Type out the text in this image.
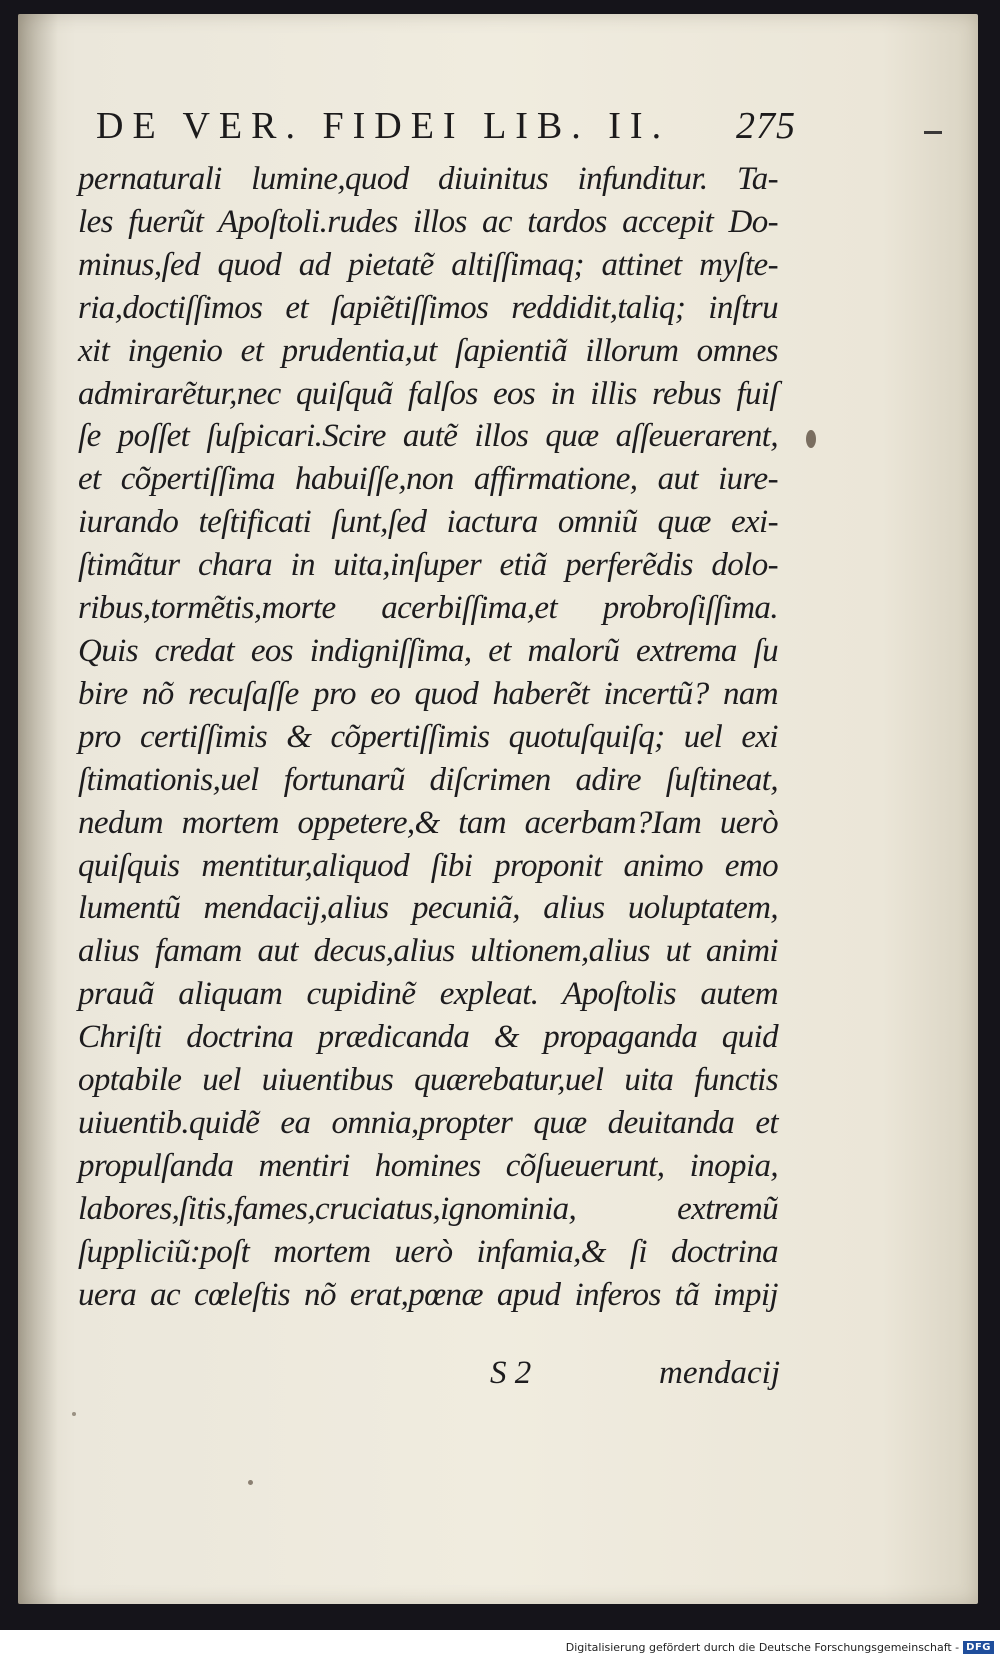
DE VER. FIDEI LIB. II. 275
pernaturali lumine,quod diuinitus infunditur. Ta-
les fuerũt Apoſtoli.rudes illos ac tardos accepit Do-
minus,ſed quod ad pietatẽ altiſſimaq; attinet myſte-
ria,doctiſſimos et ſapiẽtiſſimos reddidit,taliq; inſtru
xit ingenio et prudentia,ut ſapientiã illorum omnes
admirarẽtur,nec quiſquã falſos eos in illis rebus fuiſ
ſe poſſet ſuſpicari.Scire autẽ illos quæ aſſeuerarent,
et cõpertiſſima habuiſſe,non affirmatione, aut iure-
iurando teſtificati ſunt,ſed iactura omniũ quæ exi-
ſtimãtur chara in uita,inſuper etiã perferẽdis dolo-
ribus,tormẽtis,morte acerbiſſima,et probroſiſſima.
Quis credat eos indigniſſima, et malorũ extrema ſu
bire nõ recuſaſſe pro eo quod haberẽt incertũ? nam
pro certiſſimis & cõpertiſſimis quotuſquiſq; uel exi
ſtimationis,uel fortunarũ diſcrimen adire ſuſtineat,
nedum mortem oppetere,& tam acerbam?Iam uerò
quiſquis mentitur,aliquod ſibi proponit animo emo
lumentũ mendacij,alius pecuniã, alius uoluptatem,
alius famam aut decus,alius ultionem,alius ut animi
prauã aliquam cupidinẽ expleat. Apoſtolis autem
Chriſti doctrina prædicanda & propaganda quid
optabile uel uiuentibus quærebatur,uel uita functis
uiuentib.quidẽ ea omnia,propter quæ deuitanda et
propulſanda mentiri homines cõſueuerunt, inopia,
labores,ſitis,fames,cruciatus,ignominia, extremũ
ſuppliciũ:poſt mortem uerò infamia,& ſi doctrina
uera ac cœleſtis nõ erat,pœnæ apud inferos tã impij
S 2	mendacij
Digitalisierung gefördert durch die Deutsche Forschungsgemeinschaft - DFG
